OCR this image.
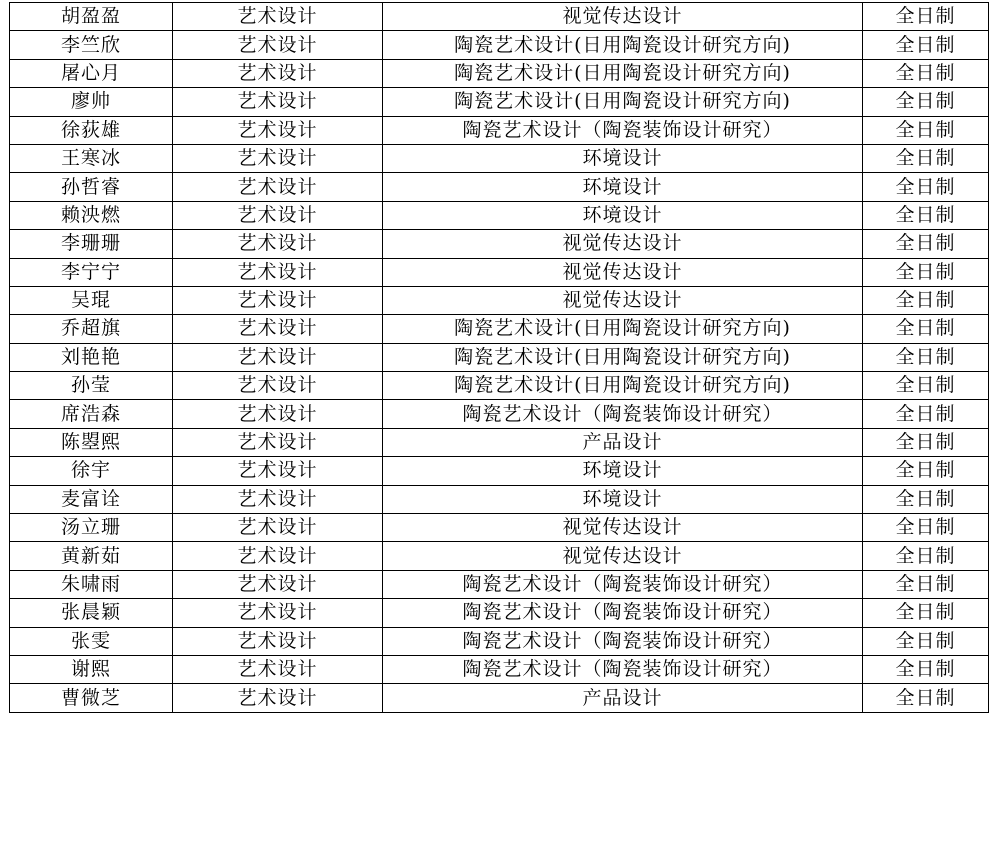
胡盈盈	艺术设计	视觉传达设计	全日制
李竺欣	艺术设计	陶瓷艺术设计(日用陶瓷设计研究方向)	全日制
屠心月	艺术设计	陶瓷艺术设计(日用陶瓷设计研究方向)	全日制
廖帅	艺术设计	陶瓷艺术设计(日用陶瓷设计研究方向)	全日制
徐荻雄	艺术设计	陶瓷艺术设计（陶瓷装饰设计研究）	全日制
王寒冰	艺术设计	环境设计	全日制
孙哲睿	艺术设计	环境设计	全日制
赖泱燃	艺术设计	环境设计	全日制
李珊珊	艺术设计	视觉传达设计	全日制
李宁宁	艺术设计	视觉传达设计	全日制
吴琨	艺术设计	视觉传达设计	全日制
乔超旗	艺术设计	陶瓷艺术设计(日用陶瓷设计研究方向)	全日制
刘艳艳	艺术设计	陶瓷艺术设计(日用陶瓷设计研究方向)	全日制
孙莹	艺术设计	陶瓷艺术设计(日用陶瓷设计研究方向)	全日制
席浩森	艺术设计	陶瓷艺术设计（陶瓷装饰设计研究）	全日制
陈曌熙	艺术设计	产品设计	全日制
徐宇	艺术设计	环境设计	全日制
麦富诠	艺术设计	环境设计	全日制
汤立珊	艺术设计	视觉传达设计	全日制
黄新茹	艺术设计	视觉传达设计	全日制
朱啸雨	艺术设计	陶瓷艺术设计（陶瓷装饰设计研究）	全日制
张晨颖	艺术设计	陶瓷艺术设计（陶瓷装饰设计研究）	全日制
张雯	艺术设计	陶瓷艺术设计（陶瓷装饰设计研究）	全日制
谢熙	艺术设计	陶瓷艺术设计（陶瓷装饰设计研究）	全日制
曹微芝	艺术设计	产品设计	全日制
